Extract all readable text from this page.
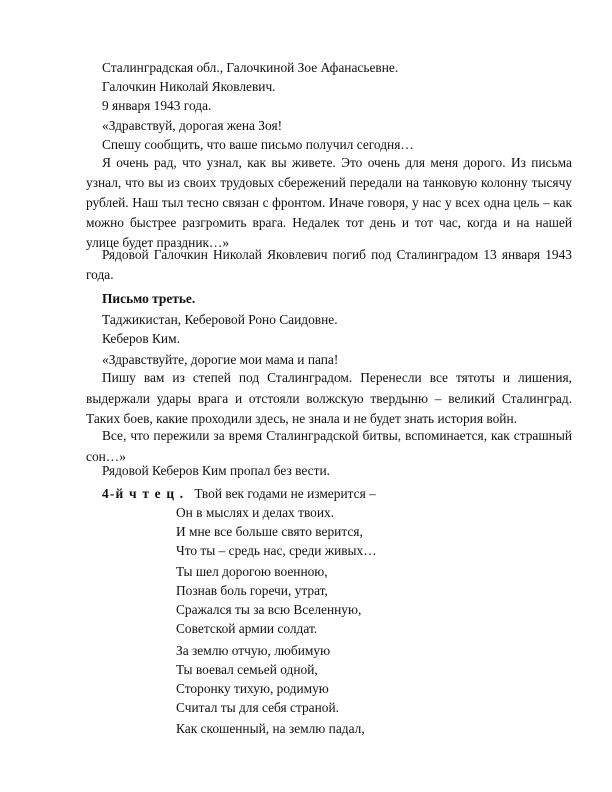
Сталинградская обл., Галочкиной Зое Афанасьевне.
Галочкин Николай Яковлевич.
9 января 1943 года.
«Здравствуй, дорогая жена Зоя!
Спешу сообщить, что ваше письмо получил сегодня…
Я очень рад, что узнал, как вы живете. Это очень для меня дорого. Из письма узнал, что вы из своих трудовых сбережений передали на танковую колонну тысячу рублей. Наш тыл тесно связан с фронтом. Иначе говоря, у нас у всех одна цель – как можно быстрее разгромить врага. Недалек тот день и тот час, когда и на нашей улице будет праздник…»
Рядовой Галочкин Николай Яковлевич погиб под Сталинградом 13 января 1943 года.
Письмо третье.
Таджикистан, Кеберовой Роно Саидовне.
Кеберов Ким.
«Здравствуйте, дорогие мои мама и папа!
Пишу вам из степей под Сталинградом. Перенесли все тятоты и лишения, выдержали удары врага и отстояли волжскую твердыню – великий Сталинград. Таких боев, какие проходили здесь, не знала и не будет знать история войн.
Все, что пережили за время Сталинградской битвы, вспоминается, как страшный сон…»
Рядовой Кеберов Ким пропал без вести.
4-й ч т е ц . Твой век годами не измерится –
Он в мыслях и делах твоих.
И мне все больше свято верится,
Что ты – средь нас, среди живых…
Ты шел дорогою военною,
Познав боль горечи, утрат,
Сражался ты за всю Вселенную,
Советской армии солдат.
За землю отчую, любимую
Ты воевал семьей одной,
Сторонку тихую, родимую
Считал ты для себя страной.
Как скошенный, на землю падал,
